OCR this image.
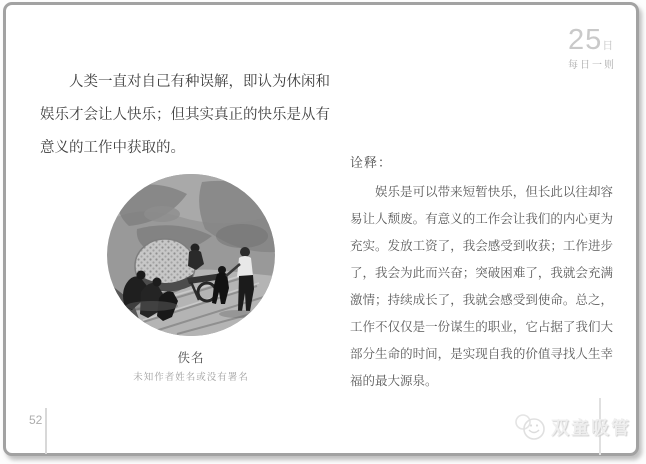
25日
每日一则
人类一直对自己有种误解，即认为休闲和娱乐才会让人快乐；但其实真正的快乐是从有意义的工作中获取的。
佚名
未知作者姓名或没有署名
诠释：
娱乐是可以带来短暂快乐，但长此以往却容易让人颓废。有意义的工作会让我们的内心更为充实。发放工资了，我会感受到收获；工作进步了，我会为此而兴奋；突破困难了，我就会充满激情；持续成长了，我就会感受到使命。总之，工作不仅仅是一份谋生的职业，它占据了我们大部分生命的时间，是实现自我的价值寻找人生幸福的最大源泉。
52	双童吸管
